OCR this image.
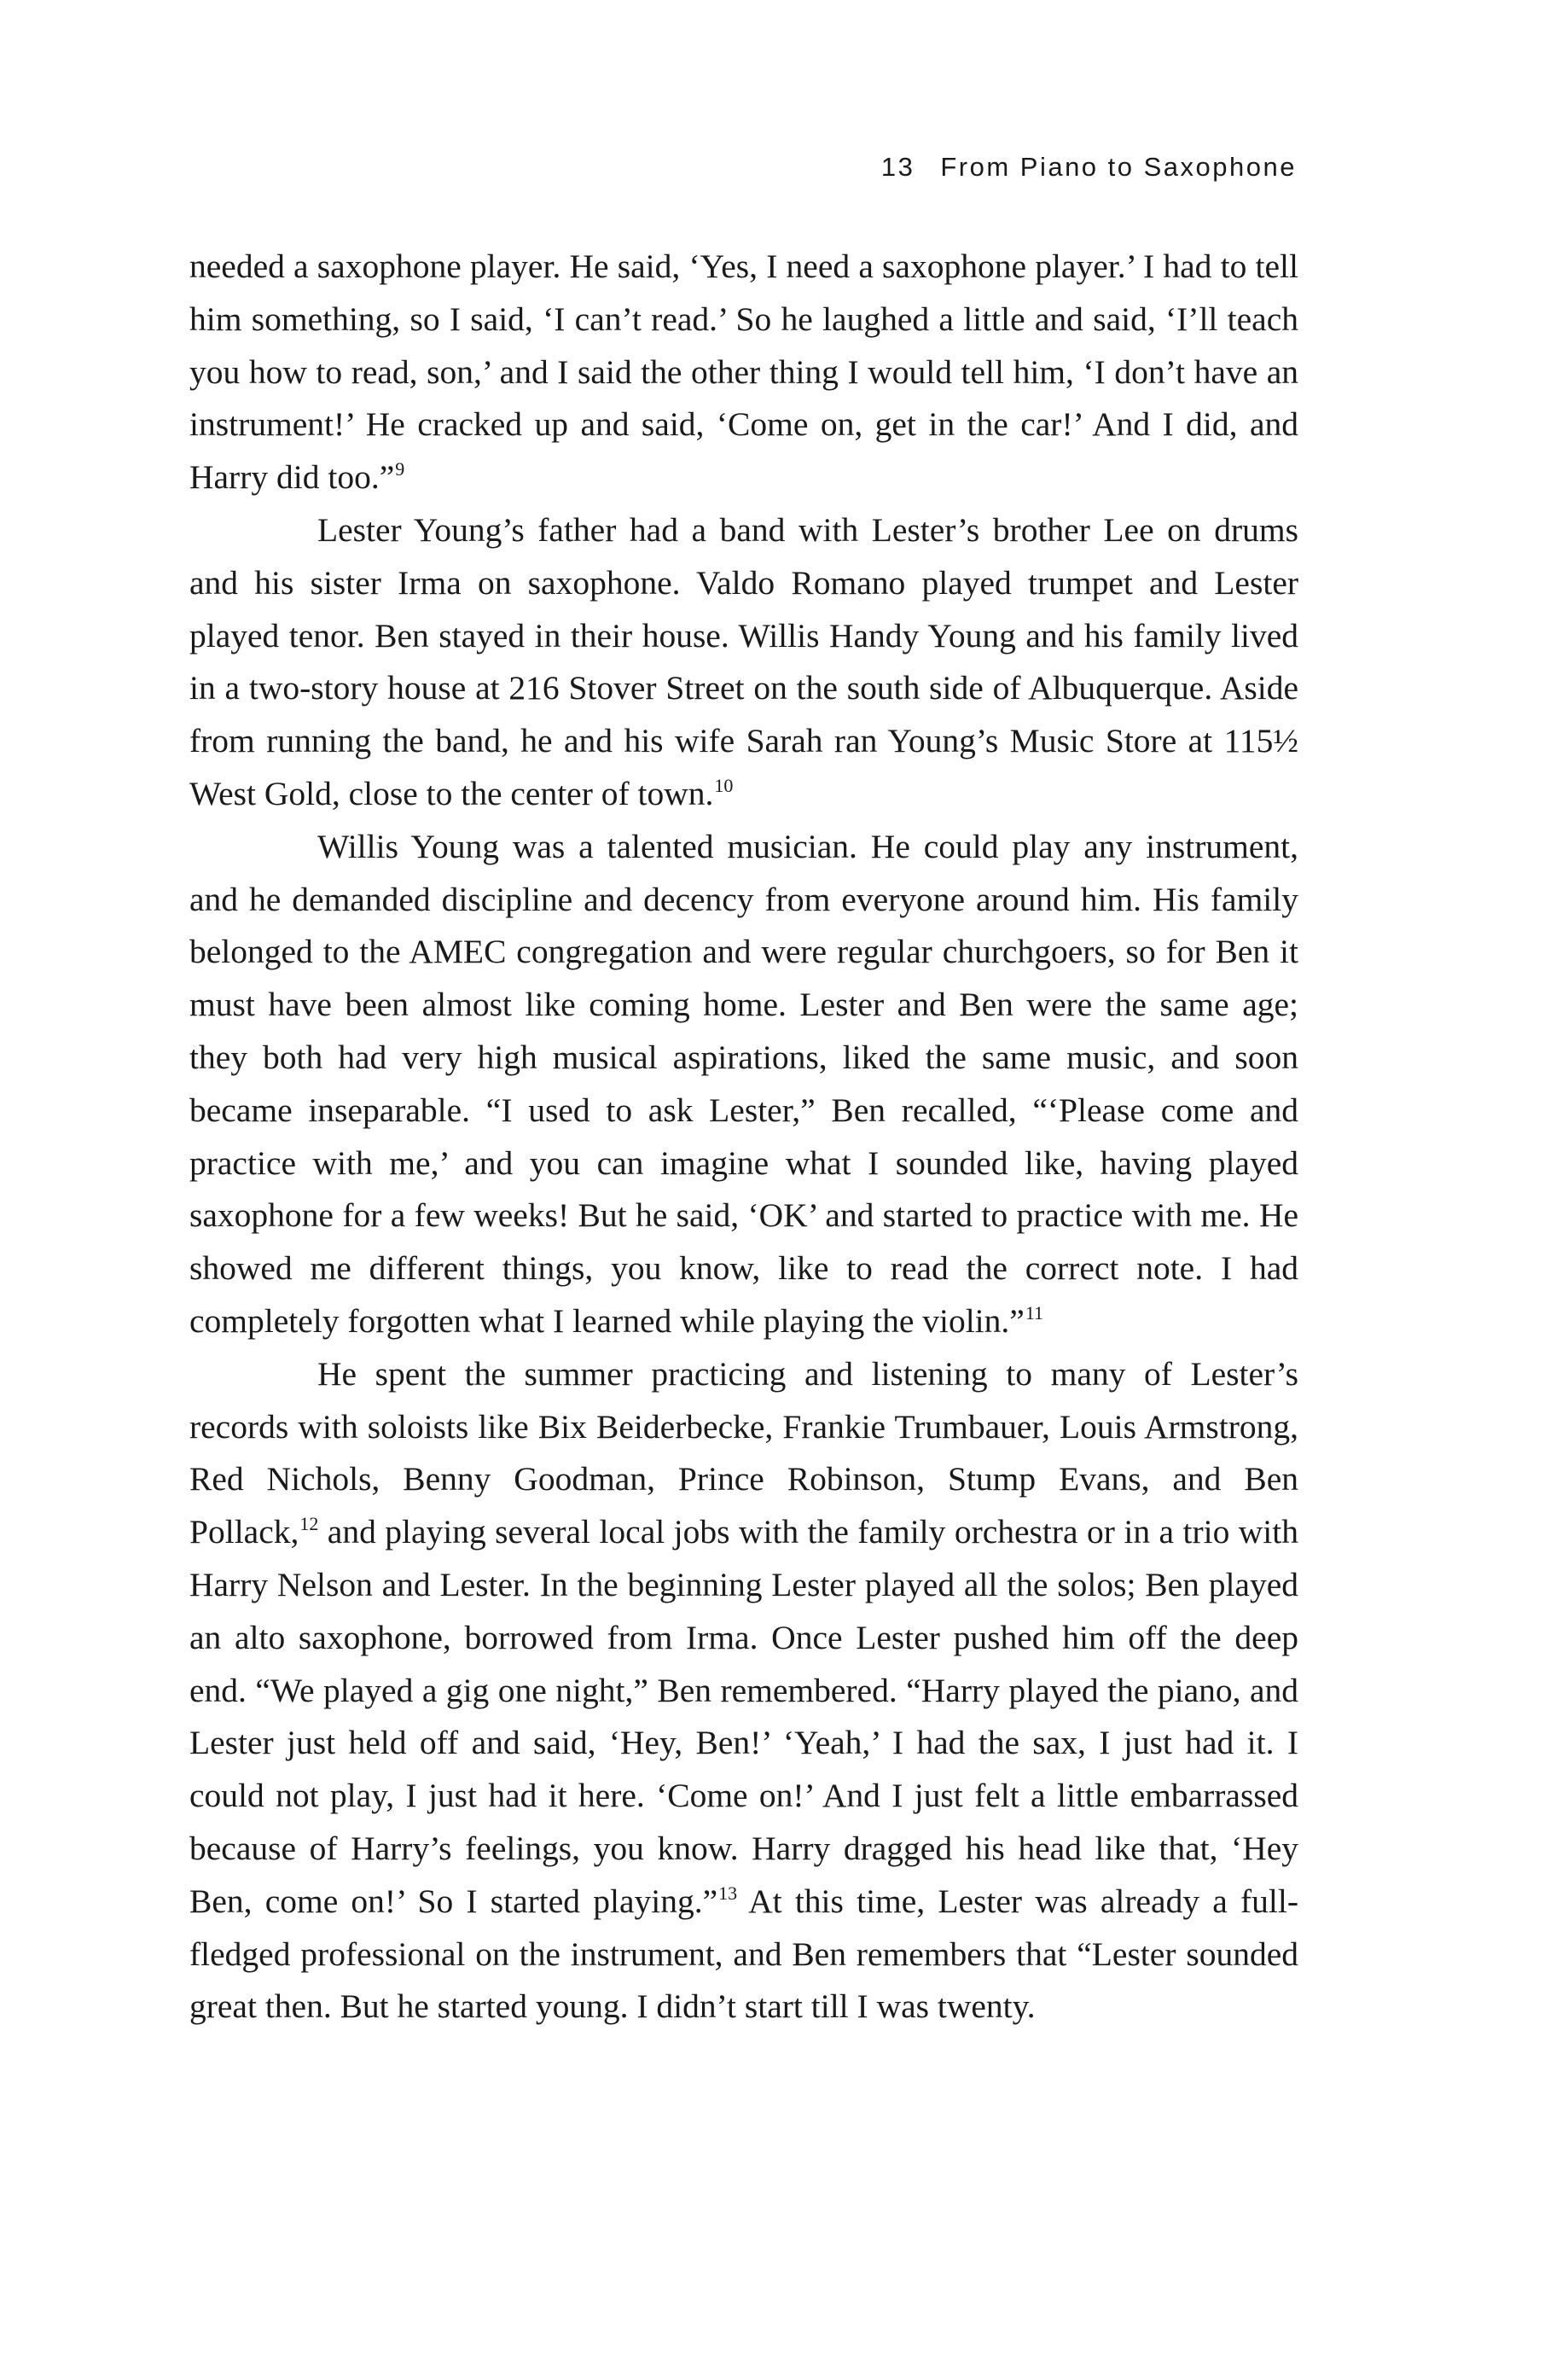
13 From Piano to Saxophone

needed a saxophone player. He said, ‘Yes, I need a saxophone player.’ I had to tell him something, so I said, ‘I can’t read.’ So he laughed a little and said, ‘I’ll teach you how to read, son,’ and I said the other thing I would tell him, ‘I don’t have an instrument!’ He cracked up and said, ‘Come on, get in the car!’ And I did, and Harry did too.”$^9$

Lester Young’s father had a band with Lester’s brother Lee on drums and his sister Irma on saxophone. Valdo Romano played trumpet and Lester played tenor. Ben stayed in their house. Willis Handy Young and his family lived in a two-story house at 216 Stover Street on the south side of Albuquerque. Aside from running the band, he and his wife Sarah ran Young’s Music Store at 115½ West Gold, close to the center of town.$^{10}$

Willis Young was a talented musician. He could play any instrument, and he demanded discipline and decency from everyone around him. His family belonged to the AMEC congregation and were regular churchgoers, so for Ben it must have been almost like coming home. Lester and Ben were the same age; they both had very high musical aspirations, liked the same music, and soon became inseparable. “I used to ask Lester,” Ben recalled, “‘Please come and practice with me,’ and you can imagine what I sounded like, having played saxophone for a few weeks! But he said, ‘OK’ and started to practice with me. He showed me different things, you know, like to read the correct note. I had completely forgotten what I learned while playing the violin.”$^{11}$

He spent the summer practicing and listening to many of Lester’s records with soloists like Bix Beiderbecke, Frankie Trumbauer, Louis Armstrong, Red Nichols, Benny Goodman, Prince Robinson, Stump Evans, and Ben Pollack,$^{12}$ and playing several local jobs with the family orchestra or in a trio with Harry Nelson and Lester. In the beginning Lester played all the solos; Ben played an alto saxophone, borrowed from Irma. Once Lester pushed him off the deep end. “We played a gig one night,” Ben remembered. “Harry played the piano, and Lester just held off and said, ‘Hey, Ben!’ ‘Yeah,’ I had the sax, I just had it. I could not play, I just had it here. ‘Come on!’ And I just felt a little embarrassed because of Harry’s feelings, you know. Harry dragged his head like that, ‘Hey Ben, come on!’ So I started playing.”$^{13}$ At this time, Lester was already a full-fledged professional on the instrument, and Ben remembers that “Lester sounded great then. But he started young. I didn’t start till I was twenty.
